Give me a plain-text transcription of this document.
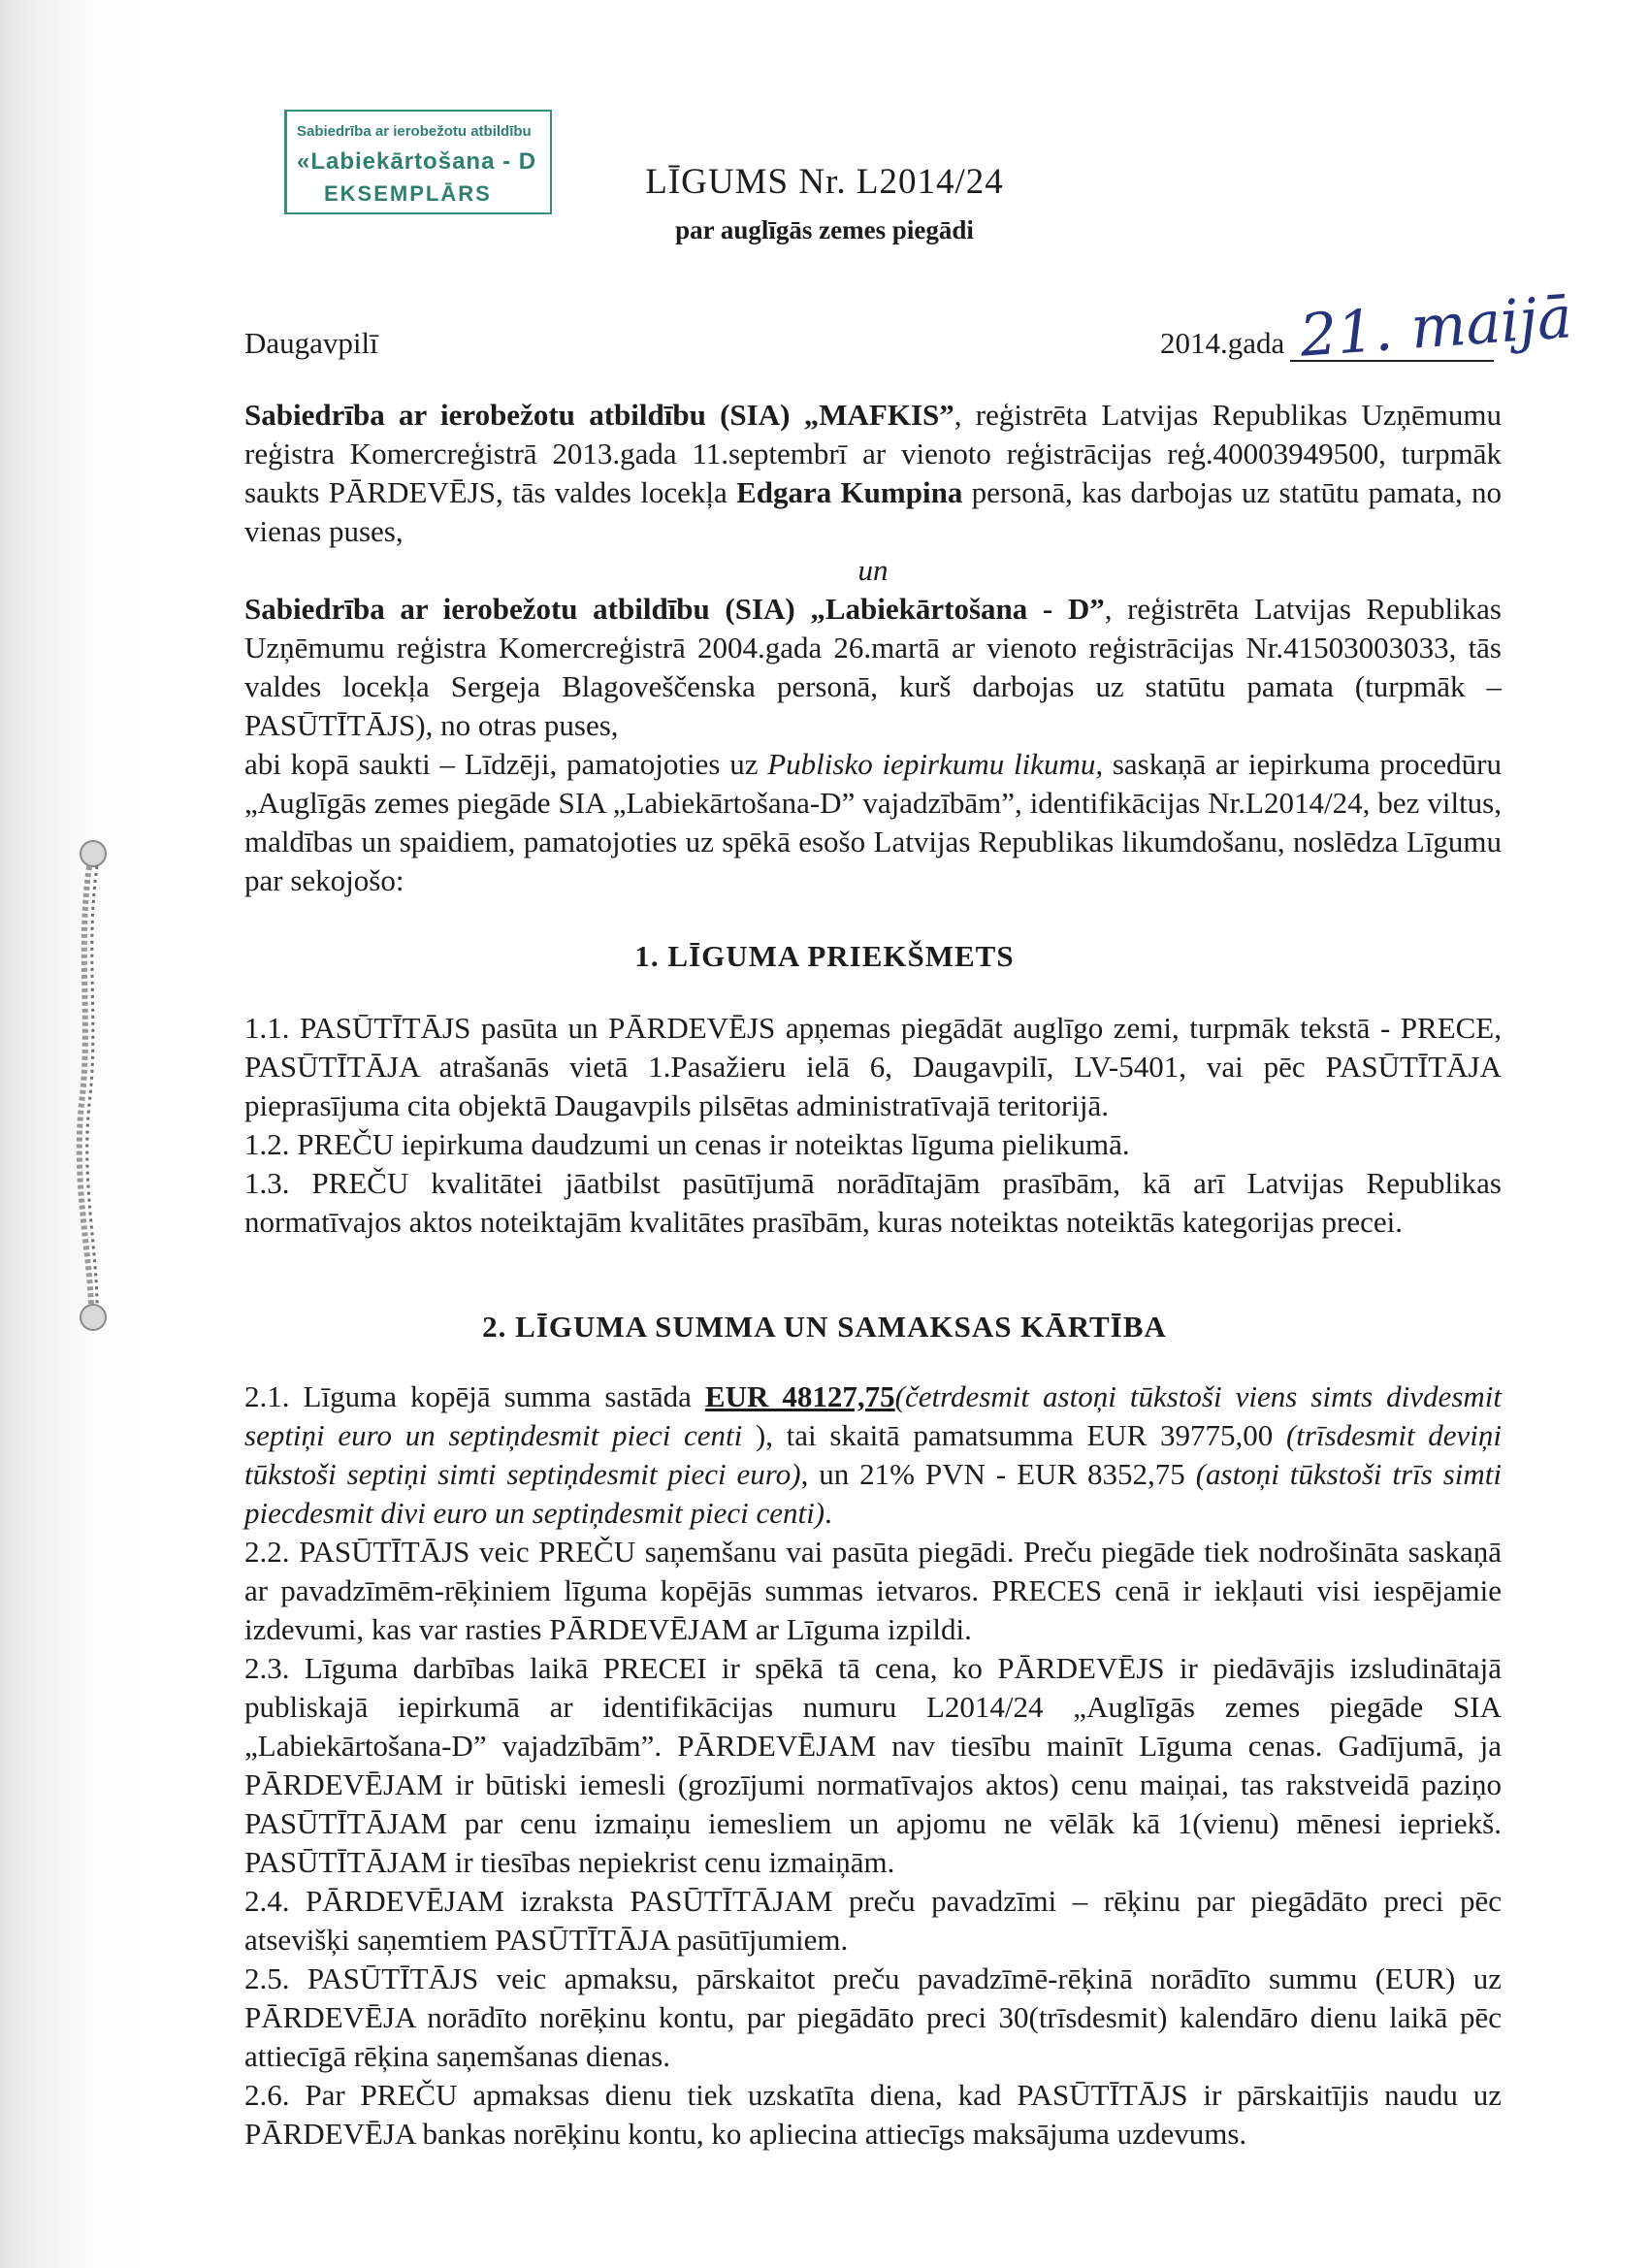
Sabiedrība ar ierobežotu atbildību
«Labiekārtošana - D
EKSEMPLĀRS	LĪGUMS Nr. L2014/24
par auglīgās zemes piegādi
Daugavpilī	2014.gada 21. maijā

Sabiedrība ar ierobežotu atbildību (SIA) „MAFKIS”, reģistrēta Latvijas Republikas Uzņēmumu reģistra Komercreģistrā 2013.gada 11.septembrī ar vienoto reģistrācijas reģ.40003949500, turpmāk saukts PĀRDEVĒJS, tās valdes locekļa Edgara Kumpina personā, kas darbojas uz statūtu pamata, no vienas puses,

un

Sabiedrība ar ierobežotu atbildību (SIA) „Labiekārtošana - D”, reģistrēta Latvijas Republikas Uzņēmumu reģistra Komercreģistrā 2004.gada 26.martā ar vienoto reģistrācijas Nr.41503003033, tās valdes locekļa Sergeja Blagoveščenska personā, kurš darbojas uz statūtu pamata (turpmāk – PASŪTĪTĀJS), no otras puses,

abi kopā saukti – Līdzēji, pamatojoties uz Publisko iepirkumu likumu, saskaņā ar iepirkuma procedūru „Auglīgās zemes piegāde SIA „Labiekārtošana-D” vajadzībām”, identifikācijas Nr.L2014/24, bez viltus, maldības un spaidiem, pamatojoties uz spēkā esošo Latvijas Republikas likumdošanu, noslēdza Līgumu par sekojošo:

1. LĪGUMA PRIEKŠMETS

1.1. PASŪTĪTĀJS pasūta un PĀRDEVĒJS apņemas piegādāt auglīgo zemi, turpmāk tekstā - PRECE, PASŪTĪTĀJA atrašanās vietā 1.Pasažieru ielā 6, Daugavpilī, LV-5401, vai pēc PASŪTĪTĀJA pieprasījuma cita objektā Daugavpils pilsētas administratīvajā teritorijā.

1.2. PREČU iepirkuma daudzumi un cenas ir noteiktas līguma pielikumā.

1.3. PREČU kvalitātei jāatbilst pasūtījumā norādītajām prasībām, kā arī Latvijas Republikas normatīvajos aktos noteiktajām kvalitātes prasībām, kuras noteiktas noteiktās kategorijas precei.

2. LĪGUMA SUMMA UN SAMAKSAS KĀRTĪBA

2.1. Līguma kopējā summa sastāda EUR 48127,75(četrdesmit astoņi tūkstoši viens simts divdesmit septiņi euro un septiņdesmit pieci centi ), tai skaitā pamatsumma EUR 39775,00 (trīsdesmit deviņi tūkstoši septiņi simti septiņdesmit pieci euro), un 21% PVN - EUR 8352,75 (astoņi tūkstoši trīs simti piecdesmit divi euro un septiņdesmit pieci centi).

2.2. PASŪTĪTĀJS veic PREČU saņemšanu vai pasūta piegādi. Preču piegāde tiek nodrošināta saskaņā ar pavadzīmēm-rēķiniem līguma kopējās summas ietvaros. PRECES cenā ir iekļauti visi iespējamie izdevumi, kas var rasties PĀRDEVĒJAM ar Līguma izpildi.

2.3. Līguma darbības laikā PRECEI ir spēkā tā cena, ko PĀRDEVĒJS ir piedāvājis izsludinātajā publiskajā iepirkumā ar identifikācijas numuru L2014/24 „Auglīgās zemes piegāde SIA „Labiekārtošana-D” vajadzībām”. PĀRDEVĒJAM nav tiesību mainīt Līguma cenas. Gadījumā, ja PĀRDEVĒJAM ir būtiski iemesli (grozījumi normatīvajos aktos) cenu maiņai, tas rakstveidā paziņo PASŪTĪTĀJAM par cenu izmaiņu iemesliem un apjomu ne vēlāk kā 1(vienu) mēnesi iepriekš. PASŪTĪTĀJAM ir tiesības nepiekrist cenu izmaiņām.

2.4. PĀRDEVĒJAM izraksta PASŪTĪTĀJAM preču pavadzīmi – rēķinu par piegādāto preci pēc atsevišķi saņemtiem PASŪTĪTĀJA pasūtījumiem.

2.5. PASŪTĪTĀJS veic apmaksu, pārskaitot preču pavadzīmē-rēķinā norādīto summu (EUR) uz PĀRDEVĒJA norādīto norēķinu kontu, par piegādāto preci 30(trīsdesmit) kalendāro dienu laikā pēc attiecīgā rēķina saņemšanas dienas.

2.6. Par PREČU apmaksas dienu tiek uzskatīta diena, kad PASŪTĪTĀJS ir pārskaitījis naudu uz PĀRDEVĒJA bankas norēķinu kontu, ko apliecina attiecīgs maksājuma uzdevums.
